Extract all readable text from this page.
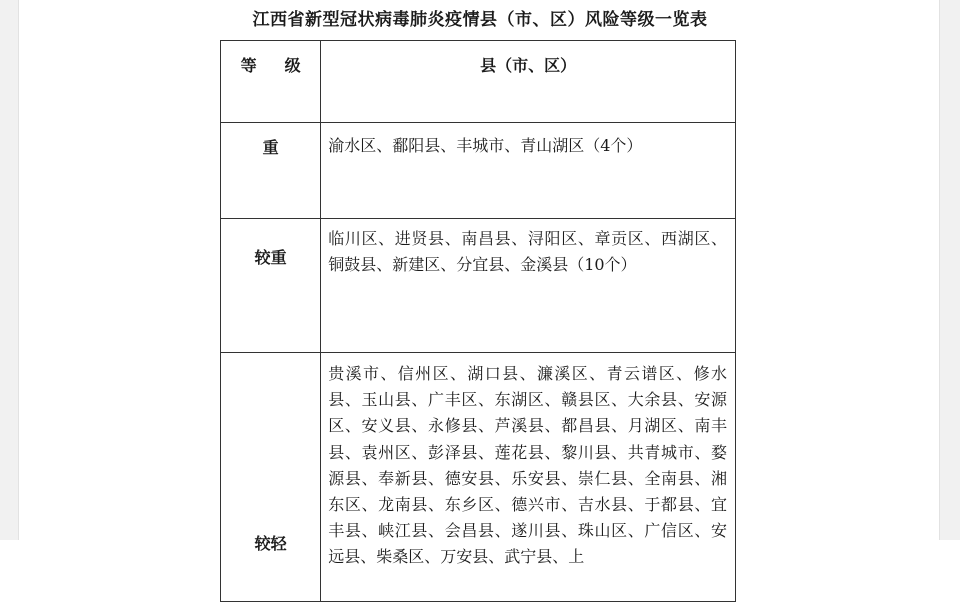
江西省新型冠状病毒肺炎疫情县（市、区）风险等级一览表
等 级	县（市、区）
重	渝水区、鄱阳县、丰城市、青山湖区（4个）
较重	临川区、进贤县、南昌县、浔阳区、章贡区、西湖区、铜鼓县、新建区、分宜县、金溪县（10个）
较轻	贵溪市、信州区、湖口县、濂溪区、青云谱区、修水县、玉山县、广丰区、东湖区、赣县区、大余县、安源区、安义县、永修县、芦溪县、都昌县、月湖区、南丰县、袁州区、彭泽县、莲花县、黎川县、共青城市、婺源县、奉新县、德安县、乐安县、崇仁县、全南县、湘东区、龙南县、东乡区、德兴市、吉水县、于都县、宜丰县、峡江县、会昌县、遂川县、珠山区、广信区、安远县、柴桑区、万安县、武宁县、上
